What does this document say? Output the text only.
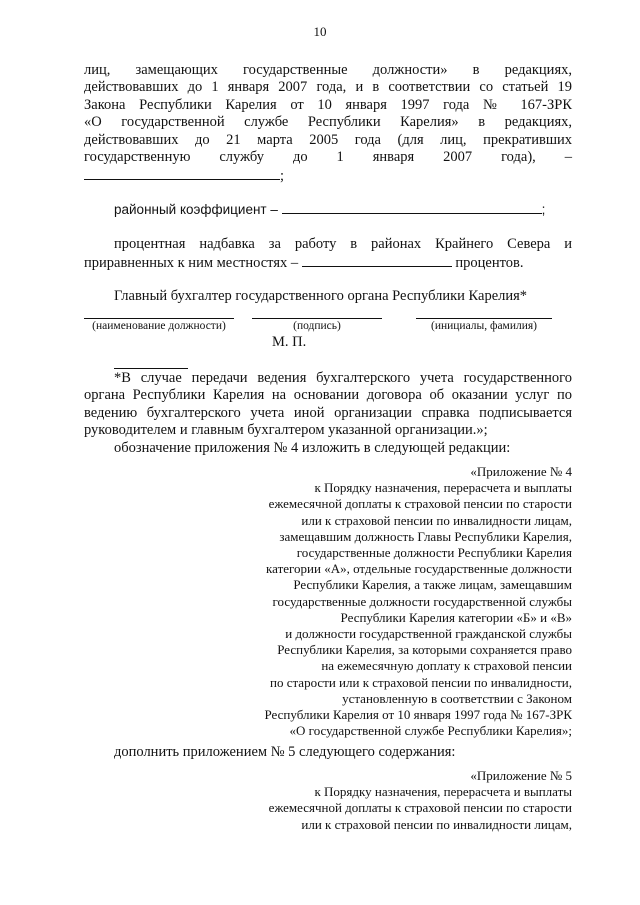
10
лиц, замещающих государственные должности» в редакциях,
действовавших до 1 января 2007 года, и в соответствии со статьей 19
Закона Республики Карелия от 10 января 1997 года № 167-ЗРК
«О государственной службе Республики Карелия» в редакциях,
действовавших до 21 марта 2005 года (для лиц, прекративших
государственную службу до 1 января 2007 года), –
;
районный коэффициент –	;
процентная надбавка за работу в районах Крайнего Севера и
приравненных к ним местностях –	процентов.
Главный бухгалтер государственного органа Республики Карелия*
(наименование должности)	(подпись)	(инициалы, фамилия)
М. П.
*В случае передачи ведения бухгалтерского учета государственного
органа Республики Карелия на основании договора об оказании услуг по
ведению бухгалтерского учета иной организации справка подписывается
руководителем и главным бухгалтером указанной организации.»;
обозначение приложения № 4 изложить в следующей редакции:
«Приложение № 4
к Порядку назначения, перерасчета и выплаты
ежемесячной доплаты к страховой пенсии по старости
или к страховой пенсии по инвалидности лицам,
замещавшим должность Главы Республики Карелия,
государственные должности Республики Карелия
категории «А», отдельные государственные должности
Республики Карелия, а также лицам, замещавшим
государственные должности государственной службы
Республики Карелия категории «Б» и «В»
и должности государственной гражданской службы
Республики Карелия, за которыми сохраняется право
на ежемесячную доплату к страховой пенсии
по старости или к страховой пенсии по инвалидности,
установленную в соответствии с Законом
Республики Карелия от 10 января 1997 года № 167-ЗРК
«О государственной службе Республики Карелия»;
дополнить приложением № 5 следующего содержания:
«Приложение № 5
к Порядку назначения, перерасчета и выплаты
ежемесячной доплаты к страховой пенсии по старости
или к страховой пенсии по инвалидности лицам,
